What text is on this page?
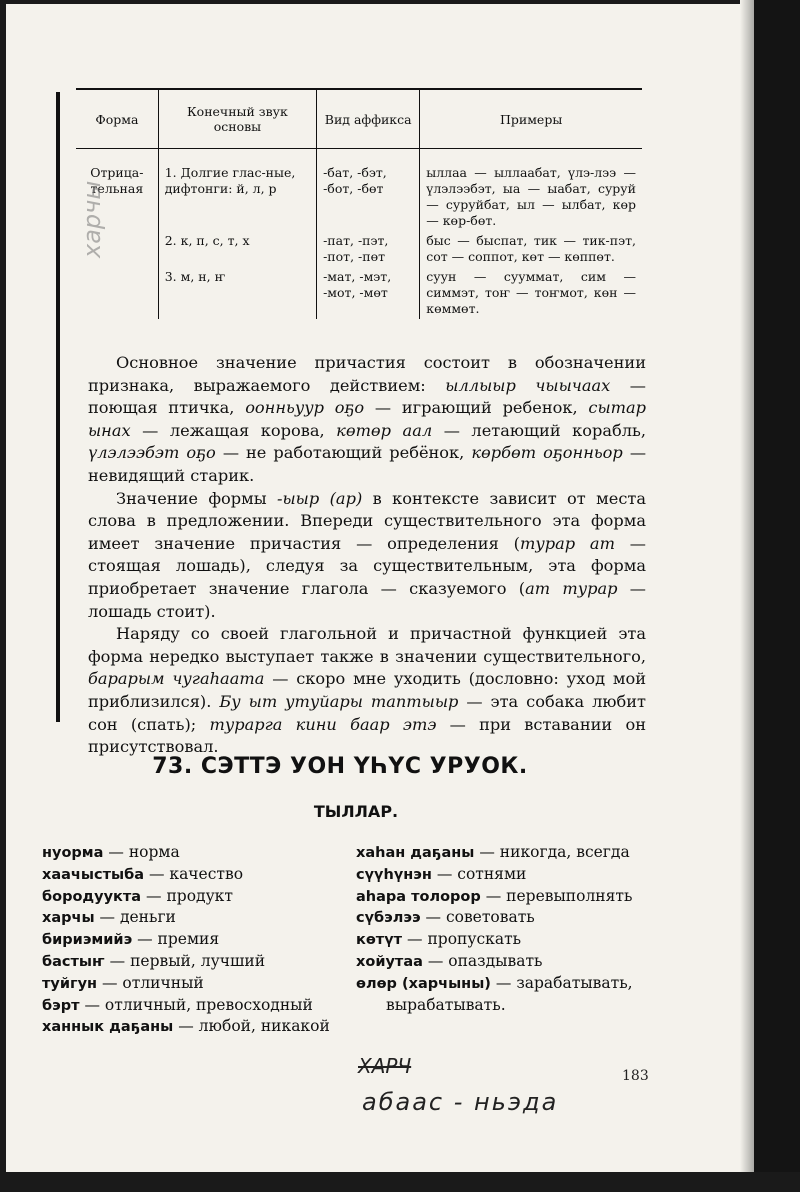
Форма	Конечный звук основы	Вид аффикса	Примеры
Отрица-тельная	1. Долгие глас-ные, дифтонги: й, л, р	-бат, -бэт, -бот, -бөт	ыллаа — ыллаабат, үлэ-лээ — үлэлээбэт, ыа — ыабат, суруй — суруйбат, ыл — ылбат, көр — көр-бөт.
	2. к, п, с, т, х	-пат, -пэт, -пот, -пөт	быс — быспат, тик — тик-пэт, сот — соппот, көт — көппөт.
	3. м, н, ҥ	-мат, -мэт, -мот, -мөт	суун — сууммат, сим — симмэт, тоҥ — тоҥмот, көн — көммөт.

Основное значение причастия состоит в обозначении признака, выражаемого действием: ыллыыр чыычаах — поющая птичка, оонньуур оҕо — играющий ребенок, сытар ынах — лежащая корова, көтөр аал — летающий корабль, үлэлээбэт оҕо — не работающий ребёнок, көрбөт оҕонньор — невидящий старик.

Значение формы -ыыр (ар) в контексте зависит от места слова в предложении. Впереди существительного эта форма имеет значение причастия — определения (турар ат — стоящая лошадь), следуя за существительным, эта форма приобретает значение глагола — сказуемого (ат турар — лошадь стоит).

Наряду со своей глагольной и причастной функцией эта форма нередко выступает также в значении существительного, барарым чугаһаата — скоро мне уходить (дословно: уход мой приблизился). Бу ыт утуйары таптыыр — эта собака любит сон (спать); турарга кини баар этэ — при вставании он присутствовал.

73. СЭТТЭ УОН ҮҺҮС УРУОК.
ТЫЛЛАР.
нуорма — норма
хаачыстыба — качество
бородуукта — продукт
харчы — деньги
бириэмийэ — премия
бастыҥ — первый, лучший
туйгун — отличный
бэрт — отличный, превосходный
ханнык даҕаны — любой, никакой
хаһан даҕаны — никогда, всегда
сүүһүнэн — сотнями
аһара толорор — перевыполнять
сүбэлээ — советовать
көтүт — пропускать
хойутаа — опаздывать
өлөр (харчыны) — зарабатывать, вырабатывать.
харчы
ХАРЧ
абаас - ньэда
183
